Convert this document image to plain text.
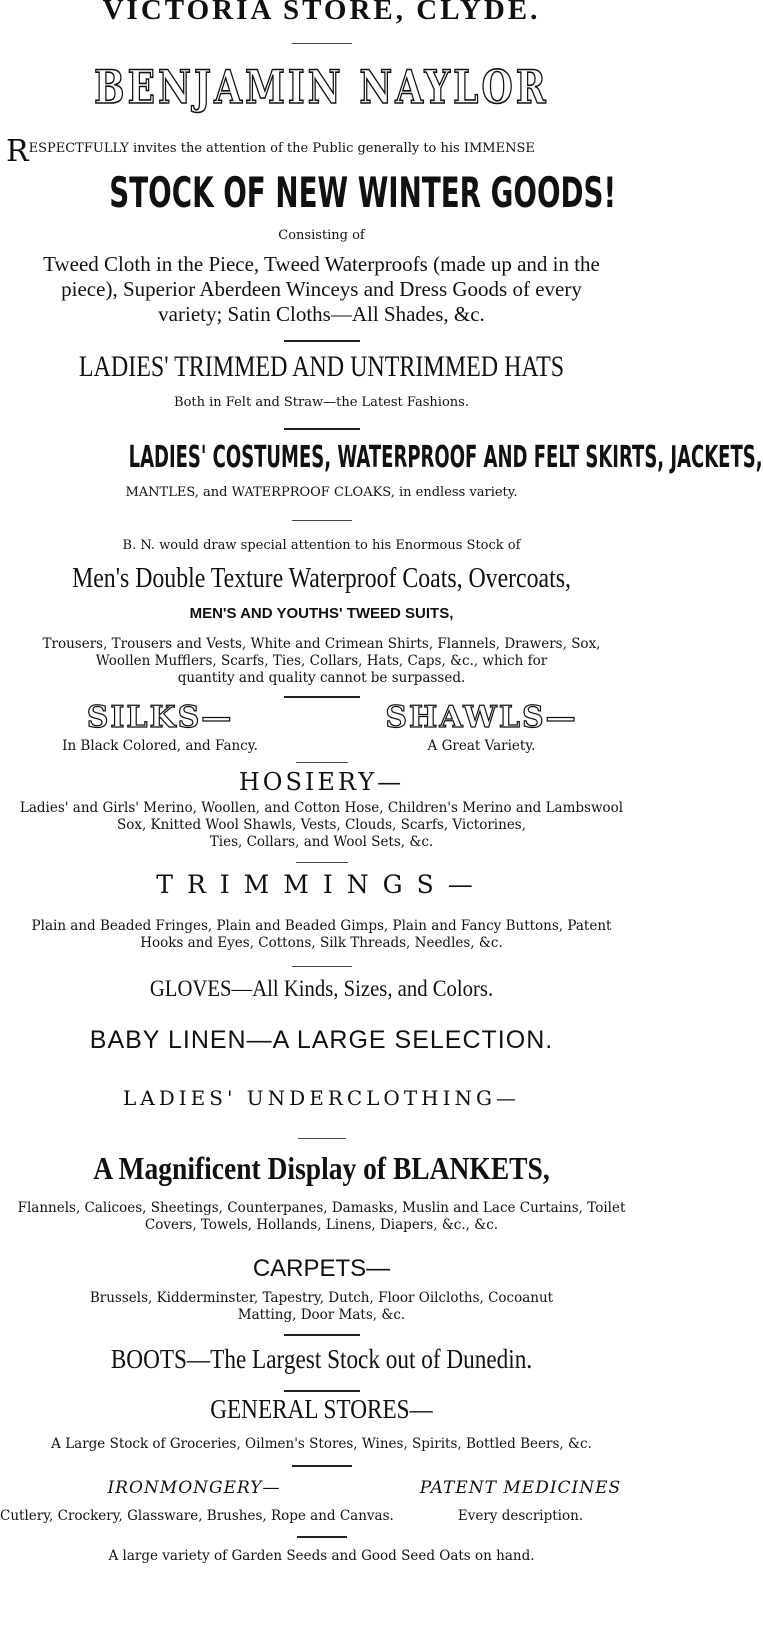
VICTORIA STORE, CLYDE.
BENJAMIN NAYLOR
RESPECTFULLY invites the attention of the Public generally to his IMMENSE
STOCK OF NEW WINTER GOODS!
Consisting of
Tweed Cloth in the Piece, Tweed Waterproofs (made up and in the
piece), Superior Aberdeen Winceys and Dress Goods of every
variety; Satin Cloths—All Shades, &c.
LADIES' TRIMMED AND UNTRIMMED HATS
Both in Felt and Straw—the Latest Fashions.
LADIES' COSTUMES, WATERPROOF AND FELT SKIRTS, JACKETS,
MANTLES, and WATERPROOF CLOAKS, in endless variety.
B. N. would draw special attention to his Enormous Stock of
Men's Double Texture Waterproof Coats, Overcoats,
MEN'S AND YOUTHS' TWEED SUITS,
Trousers, Trousers and Vests, White and Crimean Shirts, Flannels, Drawers, Sox,
Woollen Mufflers, Scarfs, Ties, Collars, Hats, Caps, &c., which for
quantity and quality cannot be surpassed.
SILKS—
In Black Colored, and Fancy.
SHAWLS—
A Great Variety.
HOSIERY—
Ladies' and Girls' Merino, Woollen, and Cotton Hose, Children's Merino and Lambswool
Sox, Knitted Wool Shawls, Vests, Clouds, Scarfs, Victorines,
Ties, Collars, and Wool Sets, &c.
TRIMMINGS—
Plain and Beaded Fringes, Plain and Beaded Gimps, Plain and Fancy Buttons, Patent
Hooks and Eyes, Cottons, Silk Threads, Needles, &c.
GLOVES—All Kinds, Sizes, and Colors.
BABY LINEN—A LARGE SELECTION.
LADIES' UNDERCLOTHING—
A Magnificent Display of BLANKETS,
Flannels, Calicoes, Sheetings, Counterpanes, Damasks, Muslin and Lace Curtains, Toilet
Covers, Towels, Hollands, Linens, Diapers, &c., &c.
CARPETS—
Brussels, Kidderminster, Tapestry, Dutch, Floor Oilcloths, Cocoanut
Matting, Door Mats, &c.
BOOTS—The Largest Stock out of Dunedin.
GENERAL STORES—
A Large Stock of Groceries, Oilmen's Stores, Wines, Spirits, Bottled Beers, &c.
IRONMONGERY—
Cutlery, Crockery, Glassware, Brushes, Rope and Canvas.
PATENT MEDICINES
Every description.
A large variety of Garden Seeds and Good Seed Oats on hand.
